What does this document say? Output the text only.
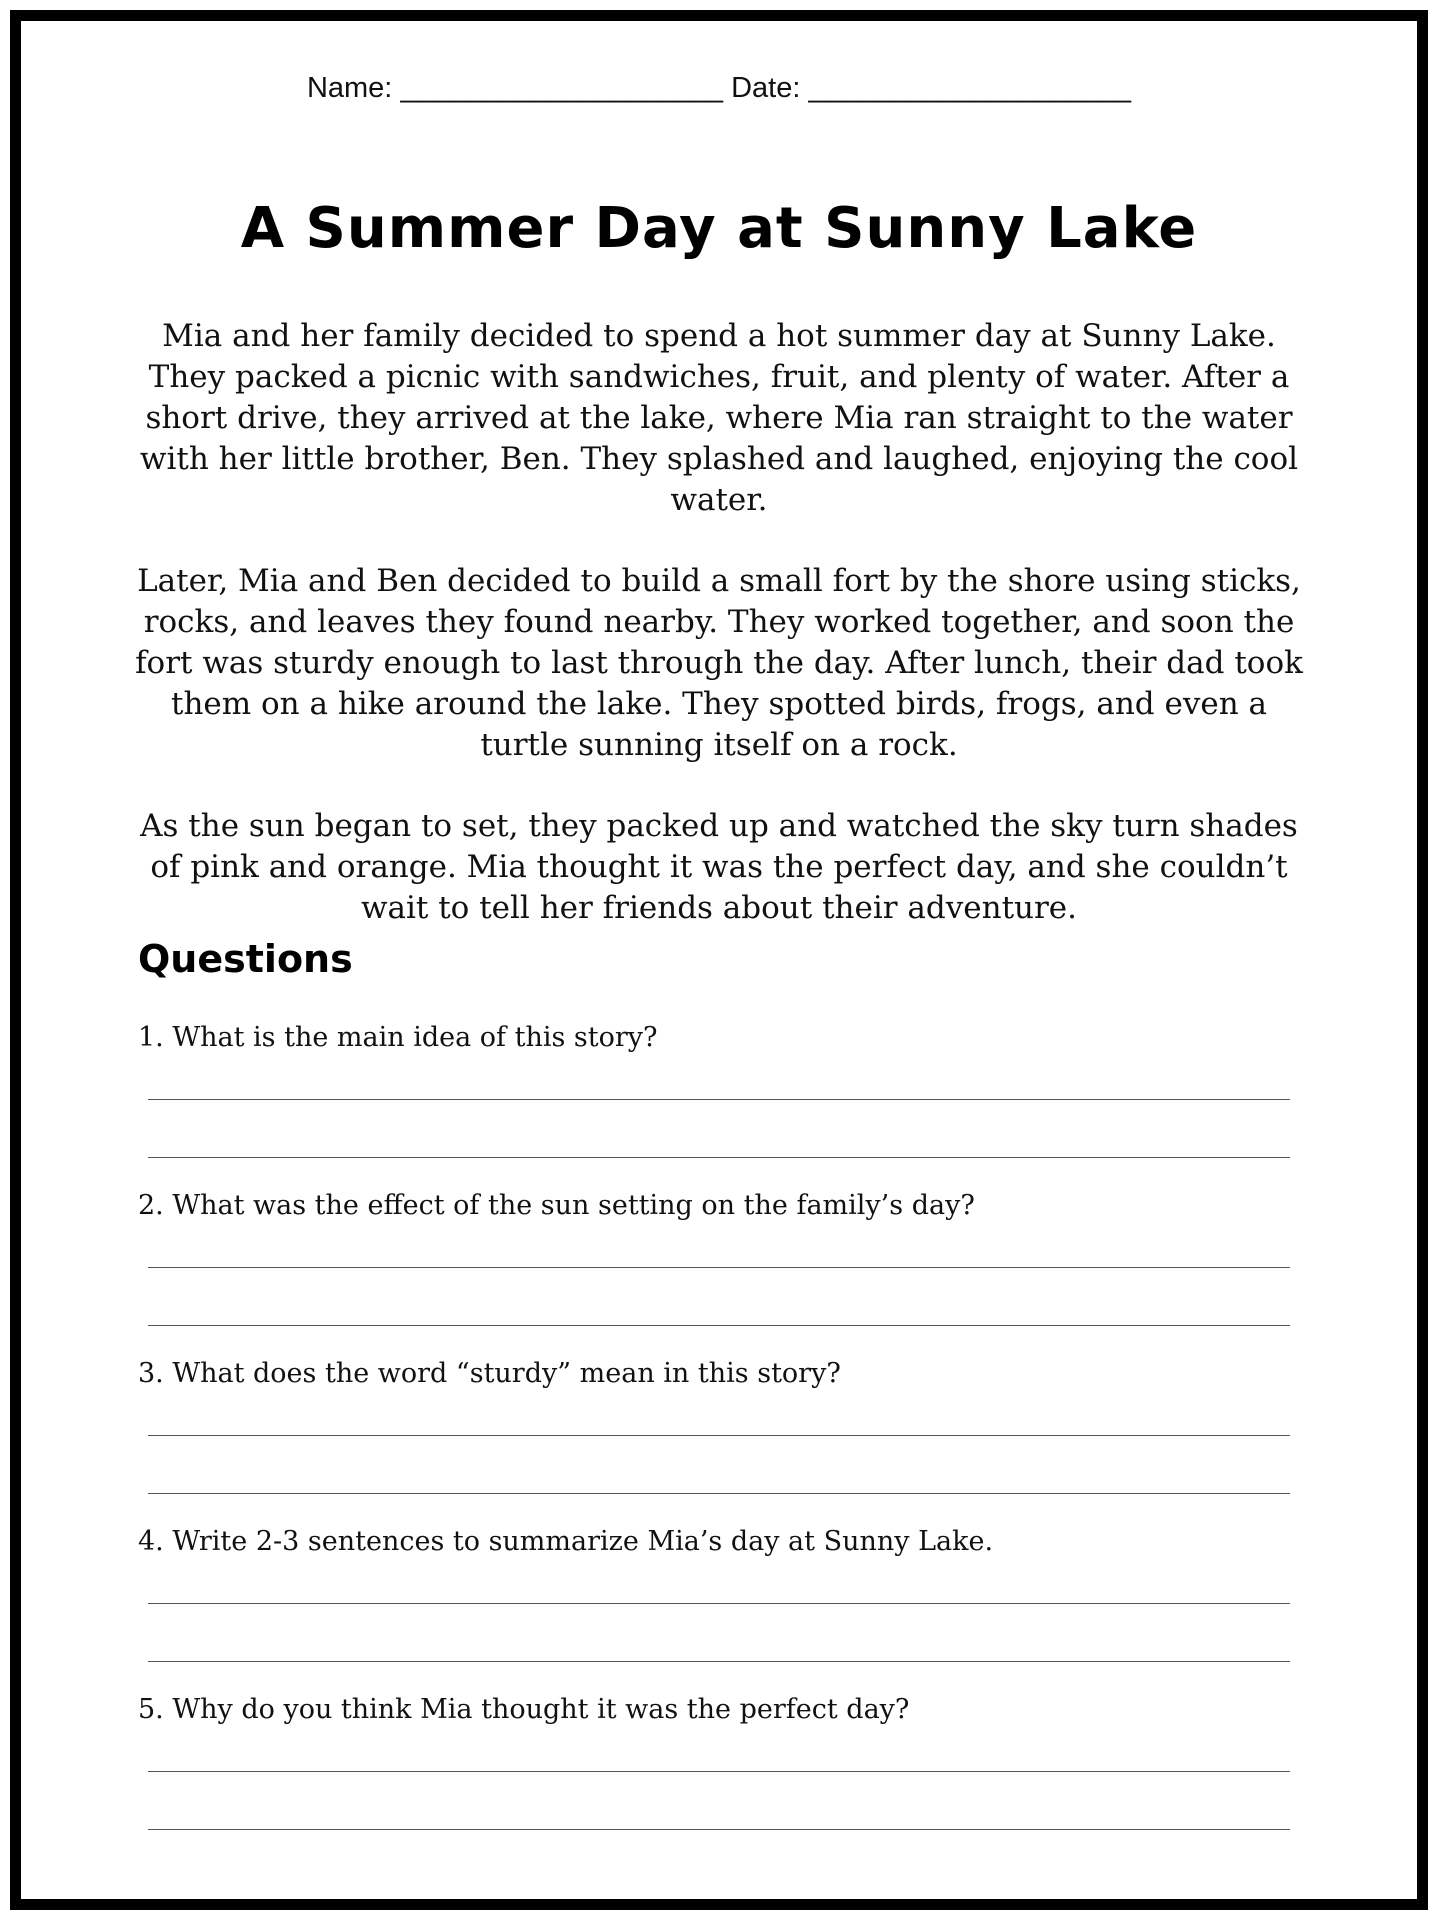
Name: ____________________ Date: ____________________
A Summer Day at Sunny Lake

Mia and her family decided to spend a hot summer day at Sunny Lake. They packed a picnic with sandwiches, fruit, and plenty of water. After a short drive, they arrived at the lake, where Mia ran straight to the water with her little brother, Ben. They splashed and laughed, enjoying the cool water.

Later, Mia and Ben decided to build a small fort by the shore using sticks, rocks, and leaves they found nearby. They worked together, and soon the fort was sturdy enough to last through the day. After lunch, their dad took them on a hike around the lake. They spotted birds, frogs, and even a turtle sunning itself on a rock.

As the sun began to set, they packed up and watched the sky turn shades of pink and orange. Mia thought it was the perfect day, and she couldn’t wait to tell her friends about their adventure.

Questions
1. What is the main idea of this story?
2. What was the effect of the sun setting on the family’s day?
3. What does the word “sturdy” mean in this story?
4. Write 2-3 sentences to summarize Mia’s day at Sunny Lake.
5. Why do you think Mia thought it was the perfect day?
